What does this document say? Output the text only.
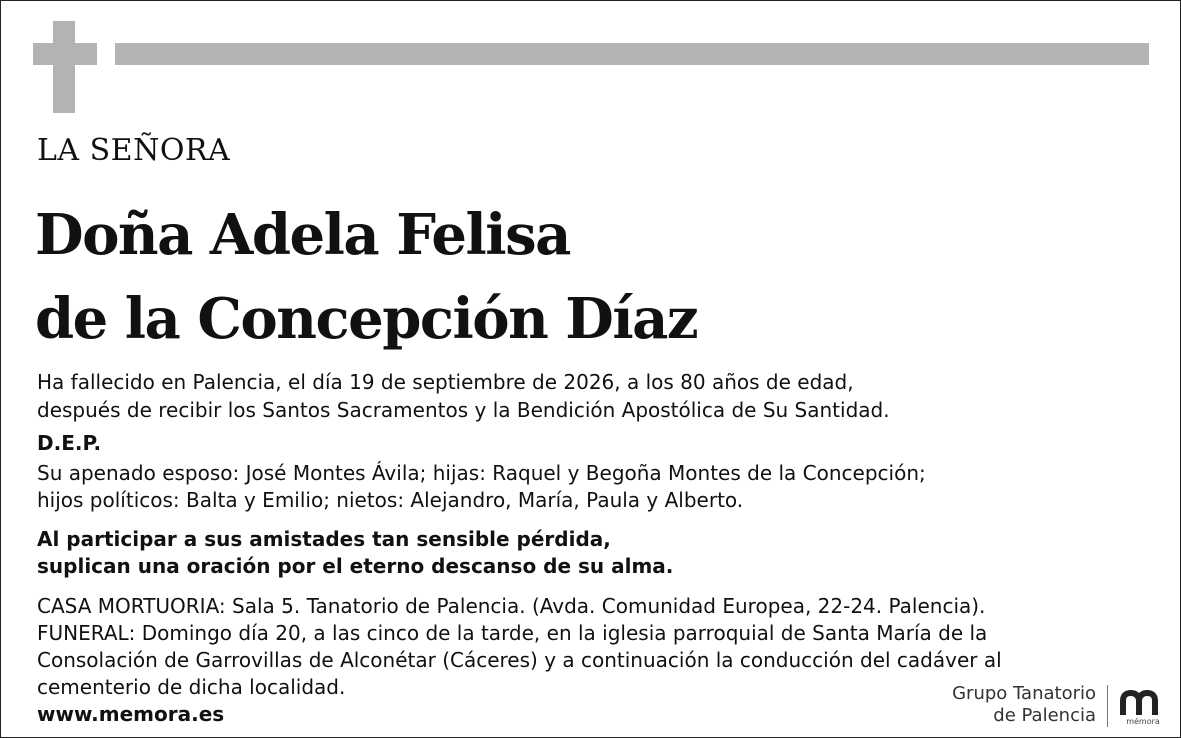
LA SEÑORA
Doña Adela Felisa
de la Concepción Díaz
Ha fallecido en Palencia, el día 19 de septiembre de 2026, a los 80 años de edad,
después de recibir los Santos Sacramentos y la Bendición Apostólica de Su Santidad.
D.E.P.
Su apenado esposo: José Montes Ávila; hijas: Raquel y Begoña Montes de la Concepción;
hijos políticos: Balta y Emilio; nietos: Alejandro, María, Paula y Alberto.
Al participar a sus amistades tan sensible pérdida,
suplican una oración por el eterno descanso de su alma.
CASA MORTUORIA: Sala 5. Tanatorio de Palencia. (Avda. Comunidad Europea, 22-24. Palencia).
FUNERAL: Domingo día 20, a las cinco de la tarde, en la iglesia parroquial de Santa María de la
Consolación de Garrovillas de Alconétar (Cáceres) y a continuación la conducción del cadáver al
cementerio de dicha localidad.
www.memora.es
Grupo Tanatorio
de Palencia	mémora
